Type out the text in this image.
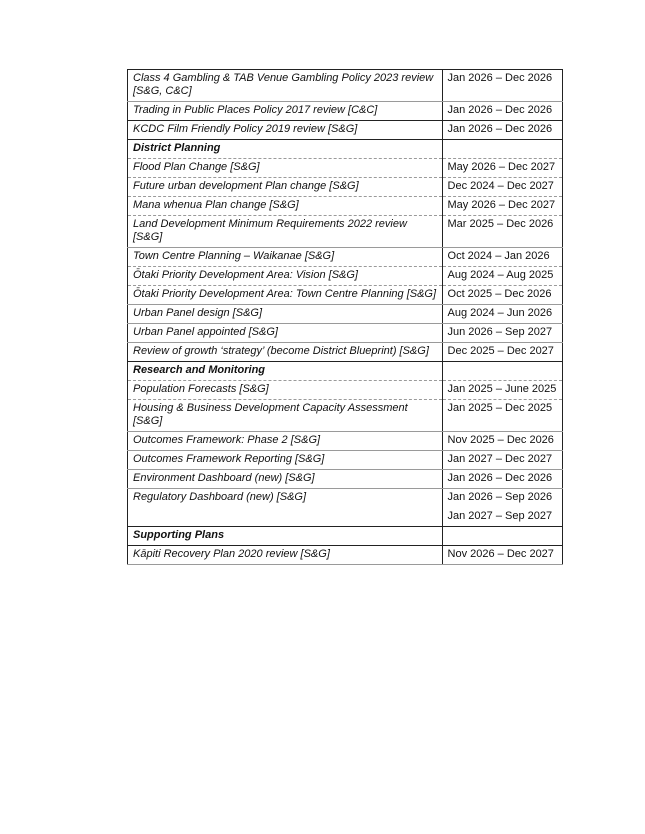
Class 4 Gambling & TAB Venue Gambling Policy 2023 review [S&G, C&C]	Jan 2026 – Dec 2026

Trading in Public Places Policy 2017 review [C&C]	Jan 2026 – Dec 2026

KCDC Film Friendly Policy 2019 review [S&G]	Jan 2026 – Dec 2026

District Planning	
Flood Plan Change [S&G]	May 2026 – Dec 2027

Future urban development Plan change [S&G]	Dec 2024 – Dec 2027

Mana whenua Plan change [S&G]	May 2026 – Dec 2027

Land Development Minimum Requirements 2022 review [S&G]	Mar 2025 – Dec 2026

Town Centre Planning – Waikanae [S&G]	Oct 2024 – Jan 2026

Ōtaki Priority Development Area: Vision [S&G]	Aug 2024 – Aug 2025

Ōtaki Priority Development Area: Town Centre Planning [S&G]	Oct 2025 – Dec 2026

Urban Panel design [S&G]	Aug 2024 – Jun 2026

Urban Panel appointed [S&G]	Jun 2026 – Sep 2027

Review of growth ‘strategy’ (become District Blueprint) [S&G]	Dec 2025 – Dec 2027

Research and Monitoring	
Population Forecasts [S&G]	Jan 2025 – June 2025

Housing & Business Development Capacity Assessment [S&G]	Jan 2025 – Dec 2025

Outcomes Framework: Phase 2 [S&G]	Nov 2025 – Dec 2026

Outcomes Framework Reporting [S&G]	Jan 2027 – Dec 2027

Environment Dashboard (new) [S&G]	Jan 2026 – Dec 2026

Regulatory Dashboard (new) [S&G]	Jan 2026 – Sep 2026
Jan 2027 – Sep 2027

Supporting Plans	
Kāpiti Recovery Plan 2020 review [S&G]	Nov 2026 – Dec 2027
